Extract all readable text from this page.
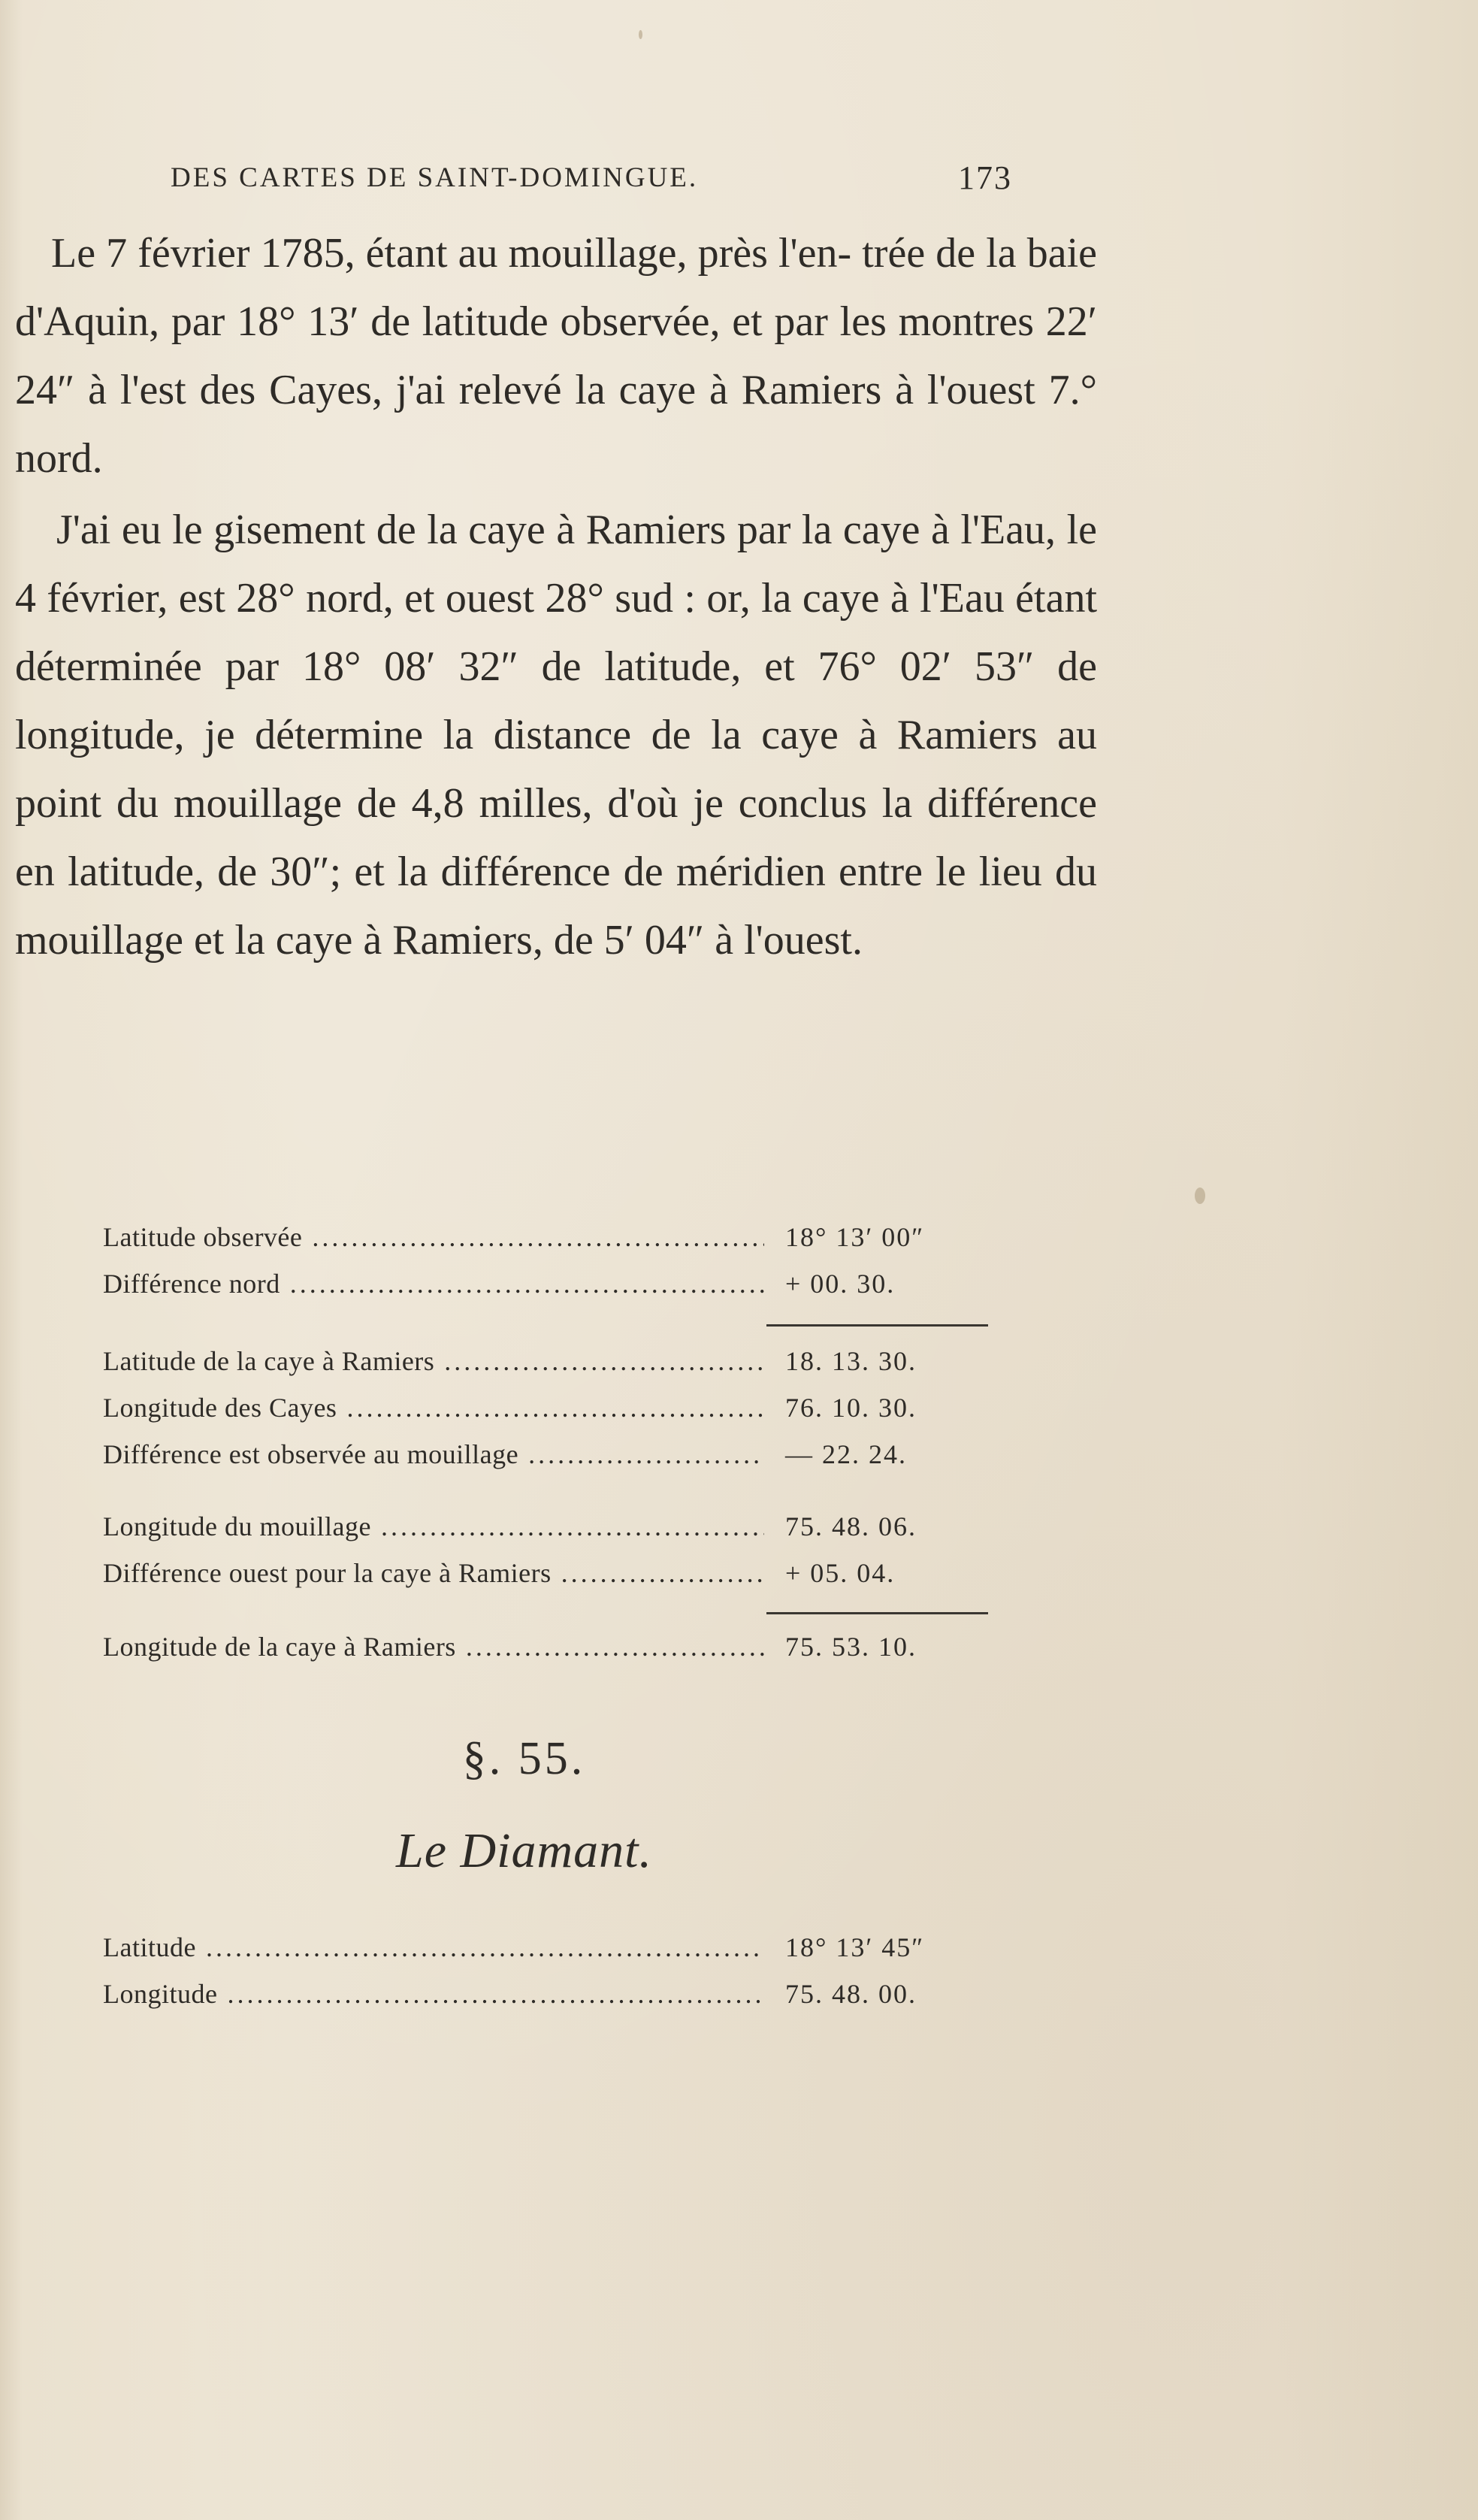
DES CARTES DE SAINT-DOMINGUE.	173

Le 7 février 1785, étant au mouillage, près l'en- trée de la baie d'Aquin, par 18° 13′ de latitude observée, et par les montres 22′ 24″ à l'est des Cayes, j'ai relevé la caye à Ramiers à l'ouest 7.° nord.

J'ai eu le gisement de la caye à Ramiers par la caye à l'Eau, le 4 février, est 28° nord, et ouest 28° sud : or, la caye à l'Eau étant déterminée par 18° 08′ 32″ de latitude, et 76° 02′ 53″ de longitude, je détermine la distance de la caye à Ramiers au point du mouillage de 4,8 milles, d'où je conclus la différence en latitude, de 30″; et la différence de méridien entre le lieu du mouillage et la caye à Ramiers, de 5′ 04″ à l'ouest.

Latitude observée .....	18° 13′ 00″
Différence nord .....	+ 00. 30.
Latitude de la caye à Ramiers .....	18. 13. 30.
Longitude des Cayes .....	76. 10. 30.
Différence est observée au mouillage .....	— 22. 24.
Longitude du mouillage .....	75. 48. 06.
Différence ouest pour la caye à Ramiers .....	+ 05. 04.
Longitude de la caye à Ramiers .....	75. 53. 10.
§. 55.
Le Diamant.
Latitude .....	18° 13′ 45″
Longitude .....	75. 48. 00.
